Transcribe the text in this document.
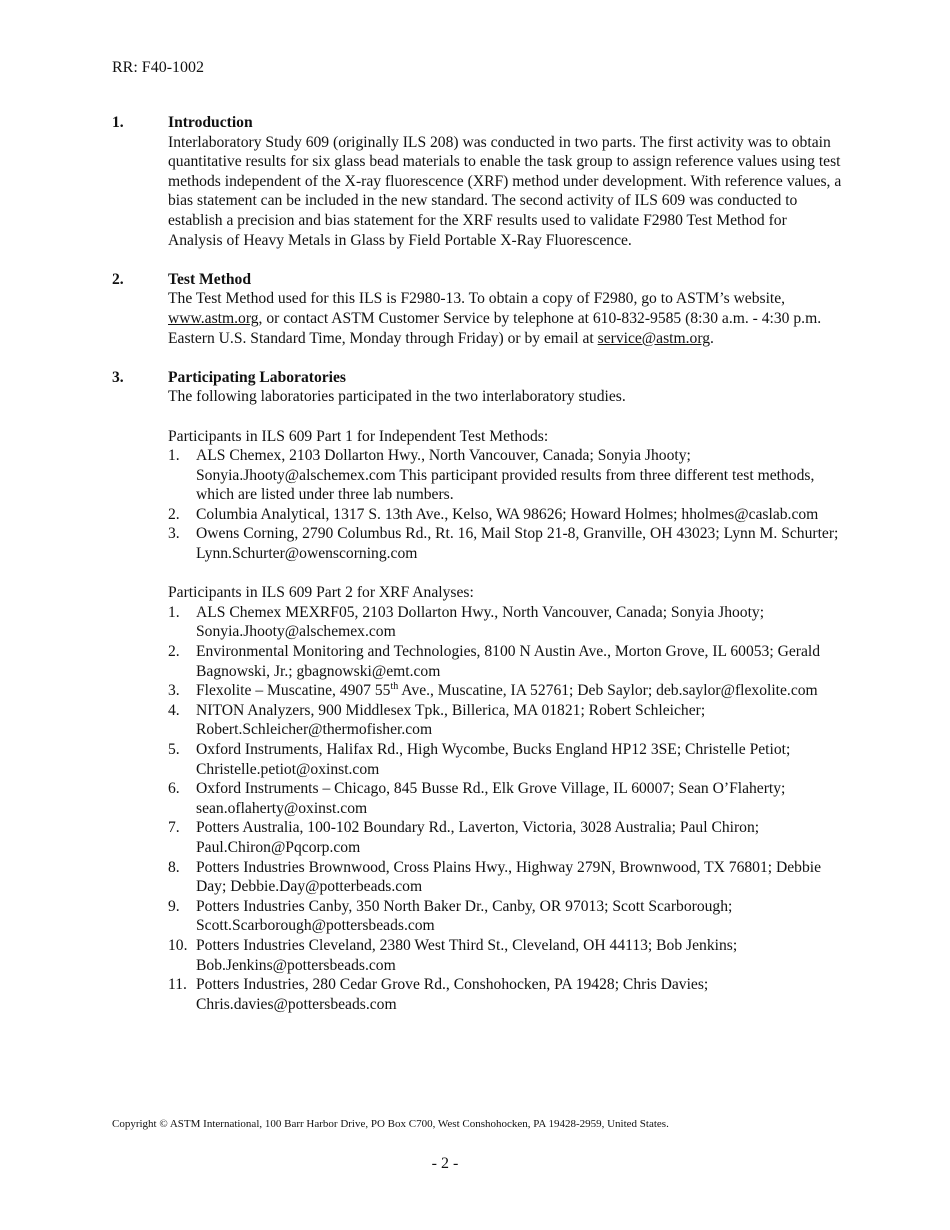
RR: F40-1002
1.	Introduction

Interlaboratory Study 609 (originally ILS 208) was conducted in two parts. The first activity was to obtain quantitative results for six glass bead materials to enable the task group to assign reference values using test methods independent of the X-ray fluorescence (XRF) method under development. With reference values, a bias statement can be included in the new standard. The second activity of ILS 609 was conducted to establish a precision and bias statement for the XRF results used to validate F2980 Test Method for Analysis of Heavy Metals in Glass by Field Portable X-Ray Fluorescence.

2.	Test Method

The Test Method used for this ILS is F2980-13. To obtain a copy of F2980, go to ASTM’s website, www.astm.org, or contact ASTM Customer Service by telephone at 610-832-9585 (8:30 a.m. - 4:30 p.m. Eastern U.S. Standard Time, Monday through Friday) or by email at service@astm.org.

3.	Participating Laboratories

The following laboratories participated in the two interlaboratory studies.

Participants in ILS 609 Part 1 for Independent Test Methods:
1. ALS Chemex, 2103 Dollarton Hwy., North Vancouver, Canada; Sonyia Jhooty; Sonyia.Jhooty@alschemex.com This participant provided results from three different test methods, which are listed under three lab numbers.
2. Columbia Analytical, 1317 S. 13th Ave., Kelso, WA 98626; Howard Holmes; hholmes@caslab.com
3. Owens Corning, 2790 Columbus Rd., Rt. 16, Mail Stop 21-8, Granville, OH 43023; Lynn M. Schurter; Lynn.Schurter@owenscorning.com
Participants in ILS 609 Part 2 for XRF Analyses:
1. ALS Chemex MEXRF05, 2103 Dollarton Hwy., North Vancouver, Canada; Sonyia Jhooty; Sonyia.Jhooty@alschemex.com
2. Environmental Monitoring and Technologies, 8100 N Austin Ave., Morton Grove, IL 60053; Gerald Bagnowski, Jr.; gbagnowski@emt.com
3. Flexolite – Muscatine, 4907 55th Ave., Muscatine, IA 52761; Deb Saylor; deb.saylor@flexolite.com
4. NITON Analyzers, 900 Middlesex Tpk., Billerica, MA 01821; Robert Schleicher; Robert.Schleicher@thermofisher.com
5. Oxford Instruments, Halifax Rd., High Wycombe, Bucks England HP12 3SE; Christelle Petiot; Christelle.petiot@oxinst.com
6. Oxford Instruments – Chicago, 845 Busse Rd., Elk Grove Village, IL 60007; Sean O’Flaherty; sean.oflaherty@oxinst.com
7. Potters Australia, 100-102 Boundary Rd., Laverton, Victoria, 3028 Australia; Paul Chiron; Paul.Chiron@Pqcorp.com
8. Potters Industries Brownwood, Cross Plains Hwy., Highway 279N, Brownwood, TX 76801; Debbie Day; Debbie.Day@potterbeads.com
9. Potters Industries Canby, 350 North Baker Dr., Canby, OR 97013; Scott Scarborough; Scott.Scarborough@pottersbeads.com
10. Potters Industries Cleveland, 2380 West Third St., Cleveland, OH 44113; Bob Jenkins; Bob.Jenkins@pottersbeads.com
11. Potters Industries, 280 Cedar Grove Rd., Conshohocken, PA 19428; Chris Davies; Chris.davies@pottersbeads.com
Copyright © ASTM International, 100 Barr Harbor Drive, PO Box C700, West Conshohocken, PA 19428-2959, United States.
- 2 -
